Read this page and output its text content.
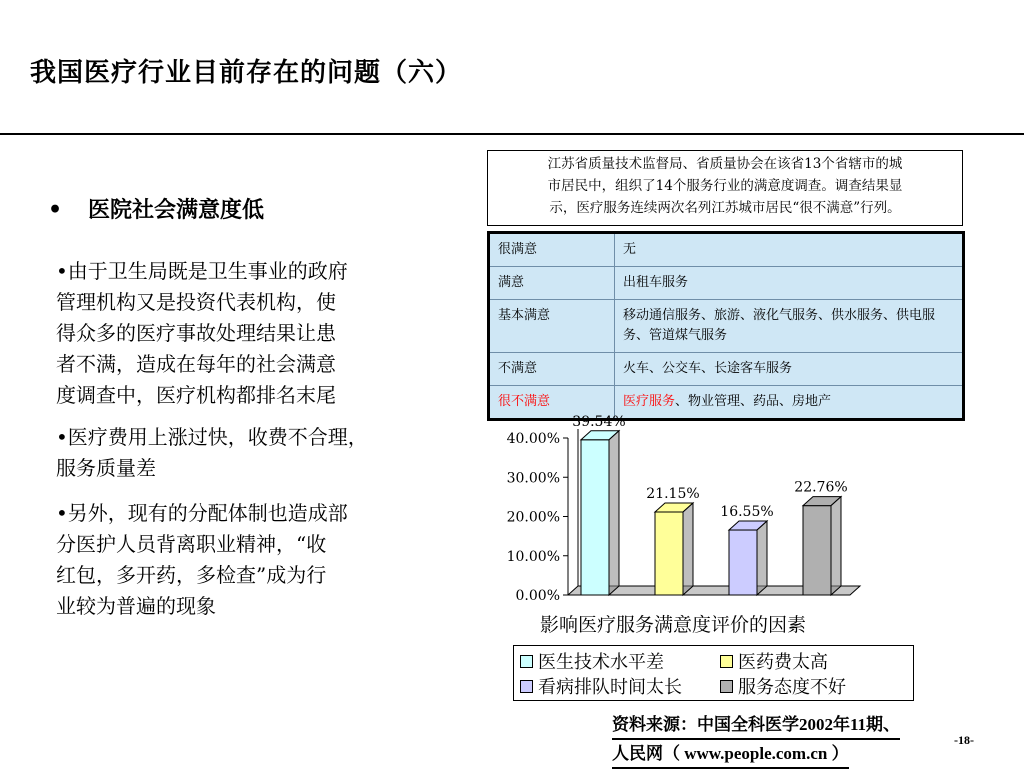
我国医疗行业目前存在的问题（六）
• 医院社会满意度低
•由于卫生局既是卫生事业的政府
管理机构又是投资代表机构，使
得众多的医疗事故处理结果让患
者不满，造成在每年的社会满意
度调查中，医疗机构都排名末尾
•医疗费用上涨过快，收费不合理，
服务质量差
•另外，现有的分配体制也造成部
分医护人员背离职业精神，“收
红包，多开药，多检查”成为行
业较为普遍的现象
江苏省质量技术监督局、省质量协会在该省13个省辖市的城
市居民中，组织了14个服务行业的满意度调查。调查结果显
示，医疗服务连续两次名列江苏城市居民“很不满意”行列。
很满意	无
满意	出租车服务
基本满意	移动通信服务、旅游、液化气服务、供水服务、供电服务、管道煤气服务
不满意	火车、公交车、长途客车服务
很不满意	医疗服务、物业管理、药品、房地产
0.00%
10.00%
20.00%
30.00%
40.00%
39.54%
21.15%
16.55%
22.76%
影响医疗服务满意度评价的因素
医生技术水平差	医药费太高
看病排队时间太长	服务态度不好
资料来源：中国全科医学2002年11期、
人民网（ www.people.com.cn ）
-18-
